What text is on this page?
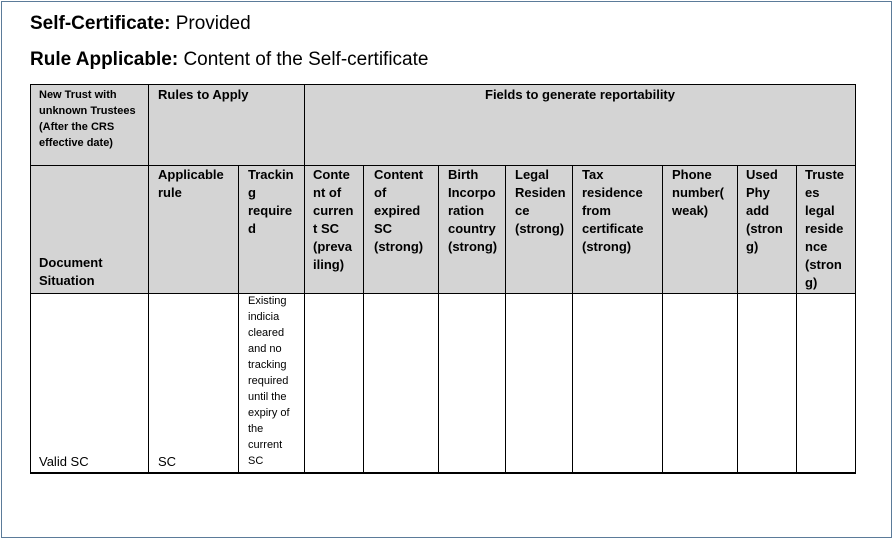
Self-Certificate: Provided
Rule Applicable: Content of the Self-certificate
New Trust with unknown Trustees (After the CRS effective date)
Rules to Apply	Fields to generate reportability
Document Situation
Applicable rule
Trackin g require d
Conte nt of curren t SC (preva iling)
Content of expired SC (strong)
Birth Incorpo ration country (strong)
Legal Residen ce (strong)
Tax residence from certificate (strong)
Phone number( weak)
Used Phy add (stron g)
Truste es legal reside nce (stron g)
Valid SC	SC
Existing indicia cleared and no tracking required until the expiry of the current SC
